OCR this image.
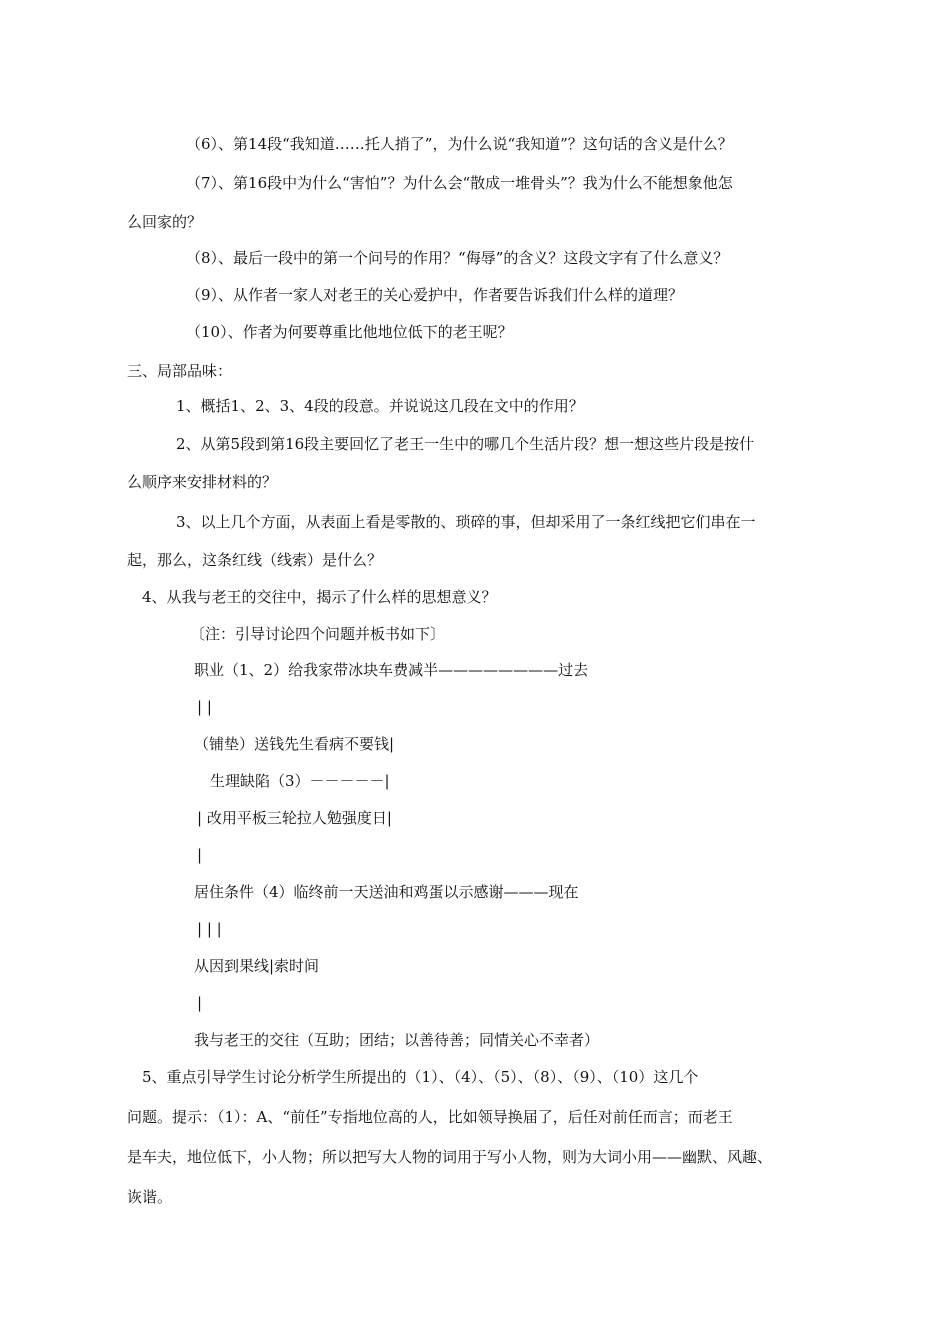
（6）、第14段“我知道……托人捎了”，为什么说“我知道”？这句话的含义是什么？

（7）、第16段中为什么“害怕”？为什么会“散成一堆骨头”？我为什么不能想象他怎

么回家的？

（8）、最后一段中的第一个问号的作用？“侮辱”的含义？这段文字有了什么意义？

（9）、从作者一家人对老王的关心爱护中，作者要告诉我们什么样的道理？

（10）、作者为何要尊重比他地位低下的老王呢？

三、局部品味：

1、概括1、2、3、4段的段意。并说说这几段在文中的作用？

2、从第5段到第16段主要回忆了老王一生中的哪几个生活片段？想一想这些片段是按什

么顺序来安排材料的？

3、以上几个方面，从表面上看是零散的、琐碎的事，但却采用了一条红线把它们串在一

起，那么，这条红线（线索）是什么？

4、从我与老王的交往中，揭示了什么样的思想意义？

〔注：引导讨论四个问题并板书如下〕

职业（1、2）给我家带冰块车费减半————————过去

| |

（铺垫）送钱先生看病不要钱|

生理缺陷（3）－－－－－|

| 改用平板三轮拉人勉强度日|

|

居住条件（4）临终前一天送油和鸡蛋以示感谢———现在

| | |

从因到果线|索时间

|

我与老王的交往（互助；团结；以善待善；同情关心不幸者）

5、重点引导学生讨论分析学生所提出的（1）、（4）、（5）、（8）、（9）、（10）这几个

问题。提示：（1）：A、“前任”专指地位高的人，比如领导换届了，后任对前任而言；而老王

是车夫，地位低下，小人物；所以把写大人物的词用于写小人物，则为大词小用——幽默、风趣、

诙谐。
